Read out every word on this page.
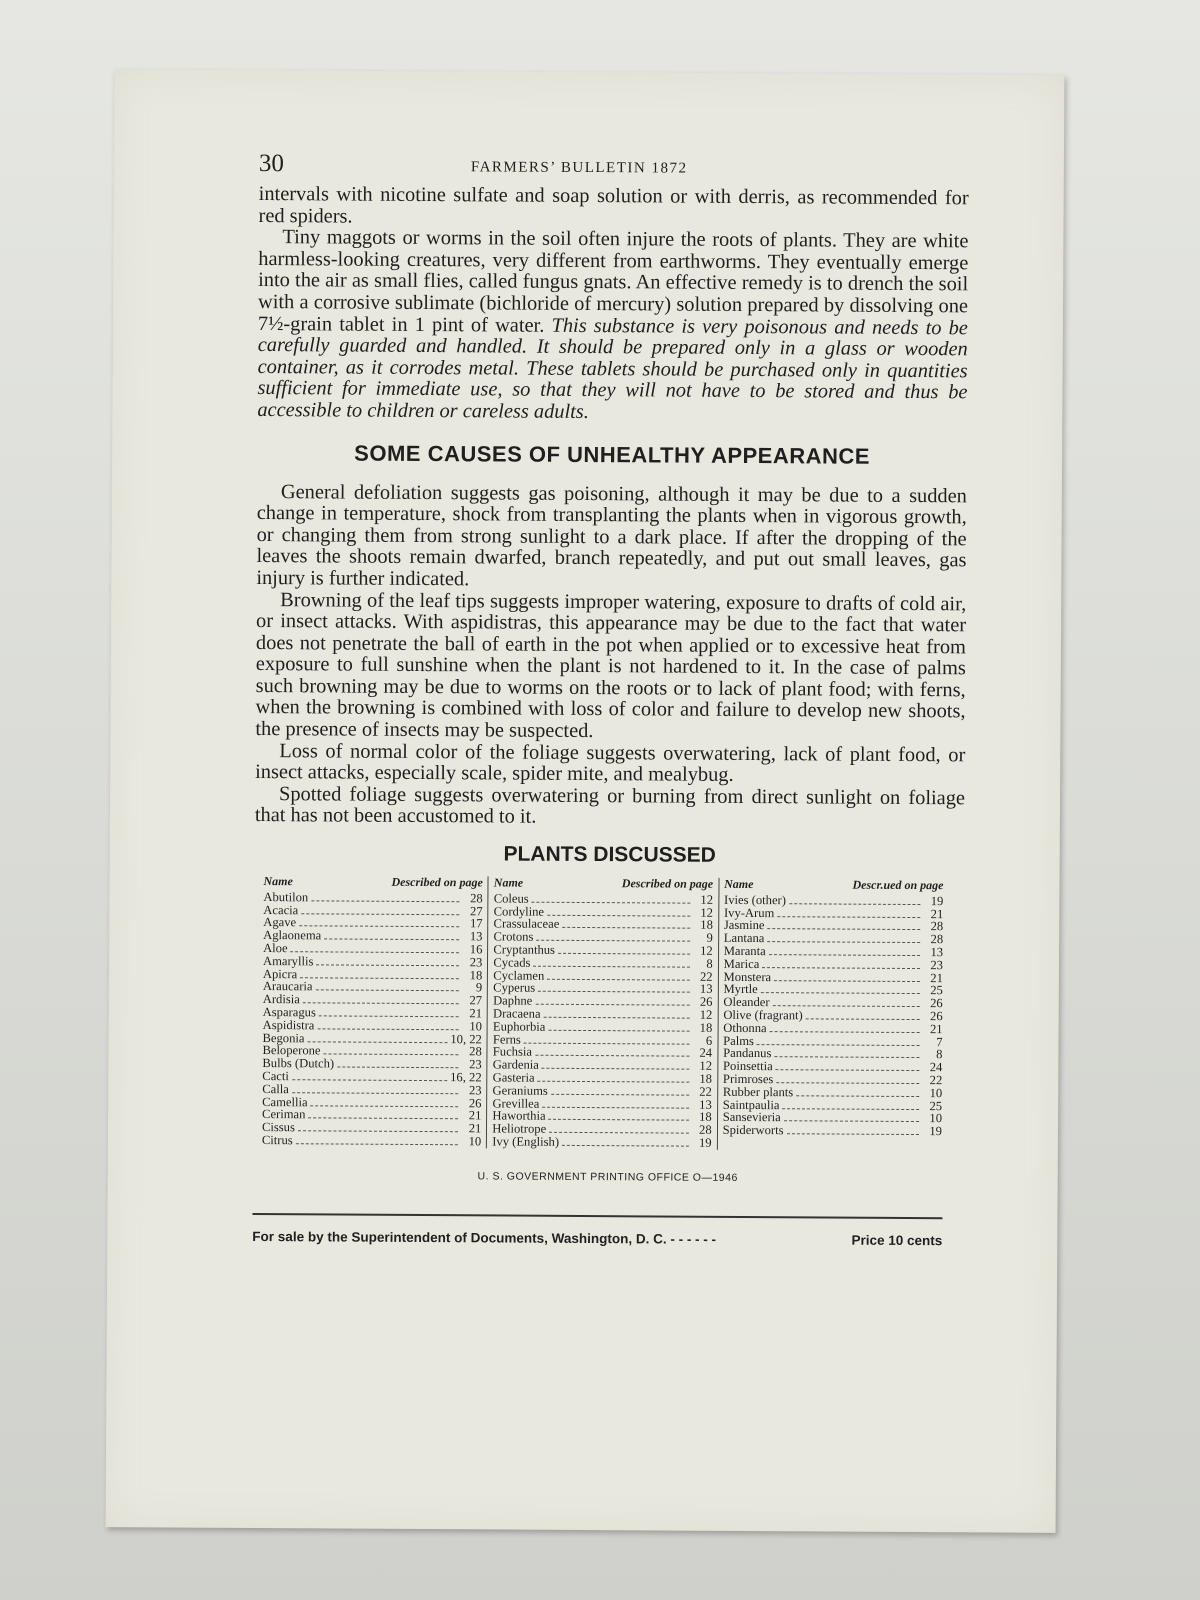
30	FARMERS’ BULLETIN 1872

intervals with nicotine sulfate and soap solution or with derris, as recommended for red spiders.

Tiny maggots or worms in the soil often injure the roots of plants. They are white harmless-looking creatures, very different from earthworms. They eventually emerge into the air as small flies, called fungus gnats. An effective remedy is to drench the soil with a corrosive sublimate (bichloride of mercury) solution prepared by dissolving one 7½-grain tablet in 1 pint of water. This substance is very poisonous and needs to be carefully guarded and handled. It should be prepared only in a glass or wooden container, as it corrodes metal. These tablets should be purchased only in quantities sufficient for immediate use, so that they will not have to be stored and thus be accessible to children or careless adults.

SOME CAUSES OF UNHEALTHY APPEARANCE

General defoliation suggests gas poisoning, although it may be due to a sudden change in temperature, shock from transplanting the plants when in vigorous growth, or changing them from strong sunlight to a dark place. If after the dropping of the leaves the shoots remain dwarfed, branch repeatedly, and put out small leaves, gas injury is further indicated.

Browning of the leaf tips suggests improper watering, exposure to drafts of cold air, or insect attacks. With aspidistras, this appearance may be due to the fact that water does not penetrate the ball of earth in the pot when applied or to excessive heat from exposure to full sunshine when the plant is not hardened to it. In the case of palms such browning may be due to worms on the roots or to lack of plant food; with ferns, when the browning is combined with loss of color and failure to develop new shoots, the presence of insects may be suspected.

Loss of normal color of the foliage suggests overwatering, lack of plant food, or insect attacks, especially scale, spider mite, and mealybug.

Spotted foliage suggests overwatering or burning from direct sunlight on foliage that has not been accustomed to it.

PLANTS DISCUSSED
Name	Described on page
Abutilon	28
Acacia	27
Agave	17
Aglaonema	13
Aloe	16
Amaryllis	23
Apicra	18
Araucaria	9
Ardisia	27
Asparagus	21
Aspidistra	10
Begonia	10, 22
Beloperone	28
Bulbs (Dutch)	23
Cacti	16, 22
Calla	23
Camellia	26
Ceriman	21
Cissus	21
Citrus	10
Name	Described on page
Coleus	12
Cordyline	12
Crassulaceae	18
Crotons	9
Cryptanthus	12
Cycads	8
Cyclamen	22
Cyperus	13
Daphne	26
Dracaena	12
Euphorbia	18
Ferns	6
Fuchsia	24
Gardenia	12
Gasteria	18
Geraniums	22
Grevillea	13
Haworthia	18
Heliotrope	28
Ivy (English)	19
Name	Descr.ued on page
Ivies (other)	19
Ivy-Arum	21
Jasmine	28
Lantana	28
Maranta	13
Marica	23
Monstera	21
Myrtle	25
Oleander	26
Olive (fragrant)	26
Othonna	21
Palms	7
Pandanus	8
Poinsettia	24
Primroses	22
Rubber plants	10
Saintpaulia	25
Sansevieria	10
Spiderworts	19
U. S. GOVERNMENT PRINTING OFFICE O—1946
For sale by the Superintendent of Documents, Washington, D. C. - - - - - -	Price 10 cents
